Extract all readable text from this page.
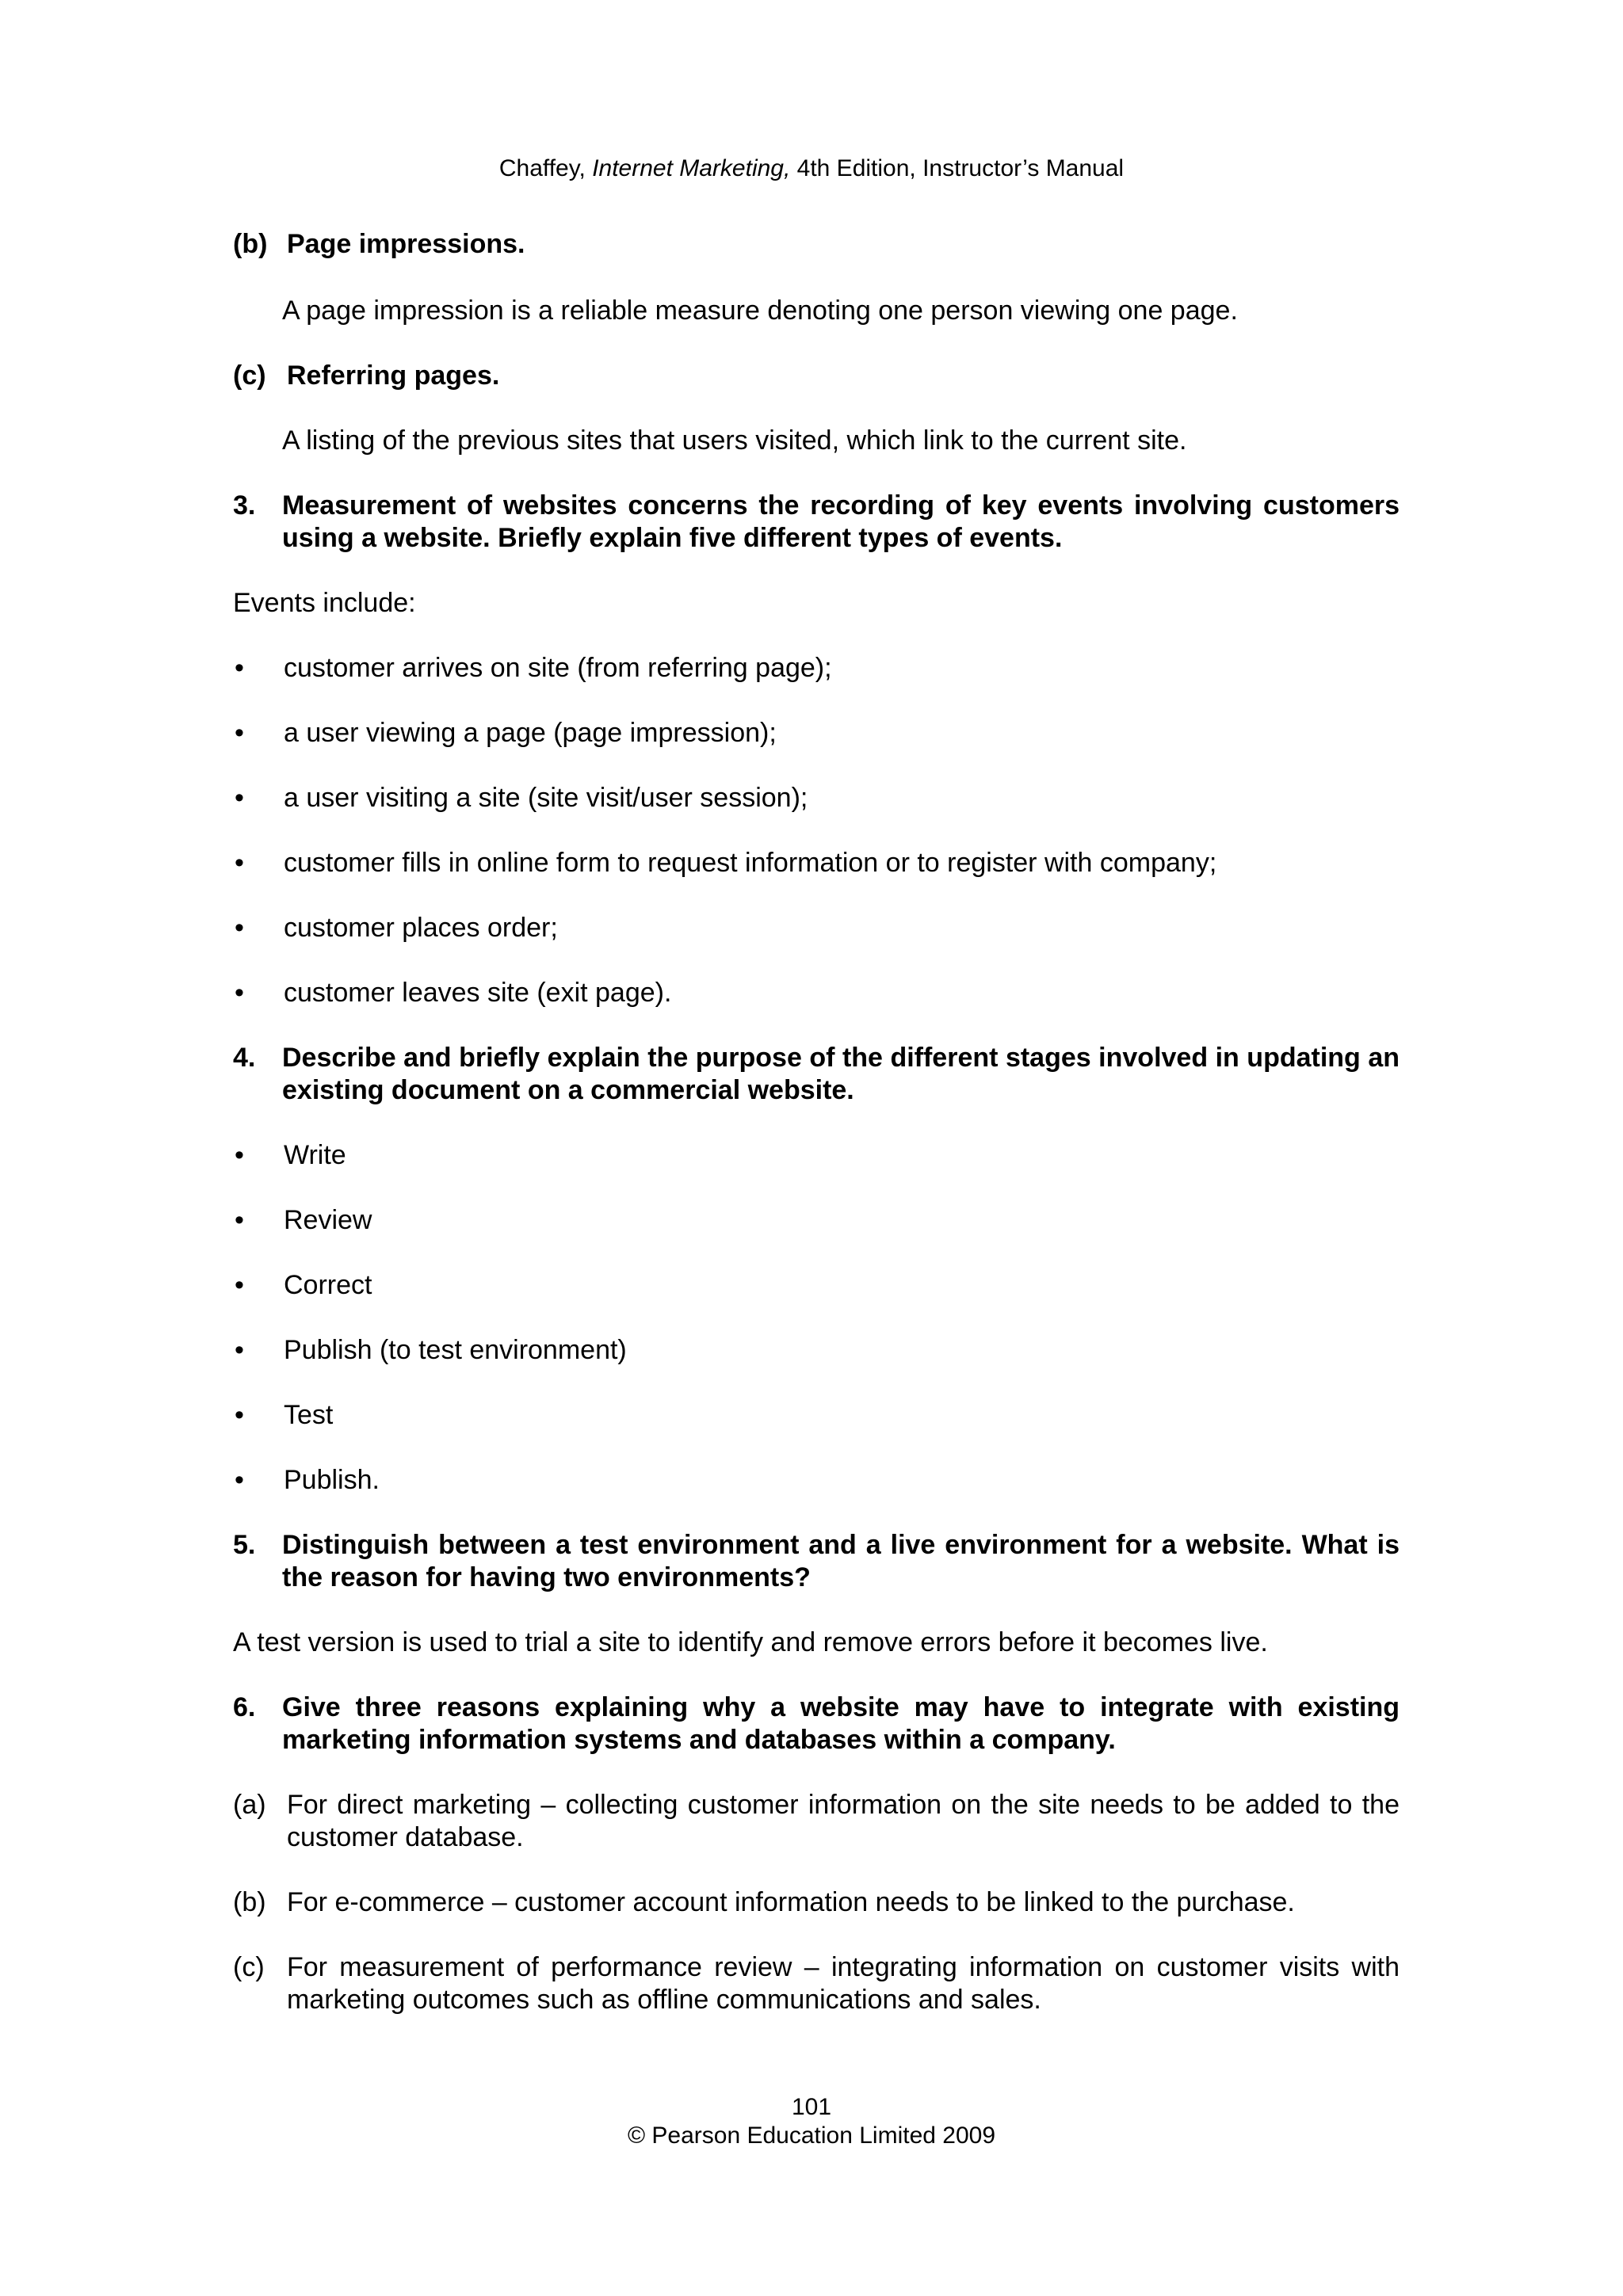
Chaffey, Internet Marketing, 4th Edition, Instructor’s Manual
(b) Page impressions.

A page impression is a reliable measure denoting one person viewing one page.

(c) Referring pages.

A listing of the previous sites that users visited, which link to the current site.

3. Measurement of websites concerns the recording of key events involving customers using a website. Briefly explain five different types of events.

Events include:

•	customer arrives on site (from referring page);
•	a user viewing a page (page impression);
•	a user visiting a site (site visit/user session);
•	customer fills in online form to request information or to register with company;
•	customer places order;
•	customer leaves site (exit page).
4. Describe and briefly explain the purpose of the different stages involved in updating an existing document on a commercial website.
•	Write
•	Review
•	Correct
•	Publish (to test environment)
•	Test
•	Publish.
5. Distinguish between a test environment and a live environment for a website. What is the reason for having two environments?

A test version is used to trial a site to identify and remove errors before it becomes live.

6. Give three reasons explaining why a website may have to integrate with existing marketing information systems and databases within a company.
(a) For direct marketing – collecting customer information on the site needs to be added to the customer database.
(b) For e-commerce – customer account information needs to be linked to the purchase.
(c) For measurement of performance review – integrating information on customer visits with marketing outcomes such as offline communications and sales.
101
© Pearson Education Limited 2009
